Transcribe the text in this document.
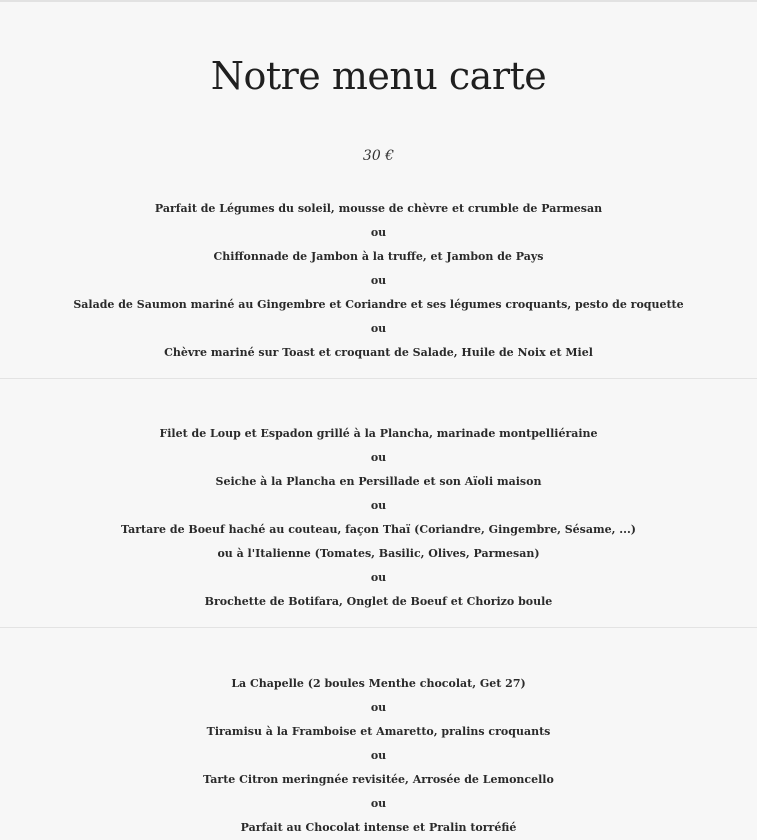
Notre menu carte
30 €
Parfait de Légumes du soleil, mousse de chèvre et crumble de Parmesan
ou
Chiffonnade de Jambon à la truffe, et Jambon de Pays
ou
Salade de Saumon mariné au Gingembre et Coriandre et ses légumes croquants, pesto de roquette
ou
Chèvre mariné sur Toast et croquant de Salade, Huile de Noix et Miel
Filet de Loup et Espadon grillé à la Plancha, marinade montpelliéraine
ou
Seiche à la Plancha en Persillade et son Aïoli maison
ou
Tartare de Boeuf haché au couteau, façon Thaï (Coriandre, Gingembre, Sésame, ...)
ou à l'Italienne (Tomates, Basilic, Olives, Parmesan)
ou
Brochette de Botifara, Onglet de Boeuf et Chorizo boule
La Chapelle (2 boules Menthe chocolat, Get 27)
ou
Tiramisu à la Framboise et Amaretto, pralins croquants
ou
Tarte Citron meringnée revisitée, Arrosée de Lemoncello
ou
Parfait au Chocolat intense et Pralin torréfié
